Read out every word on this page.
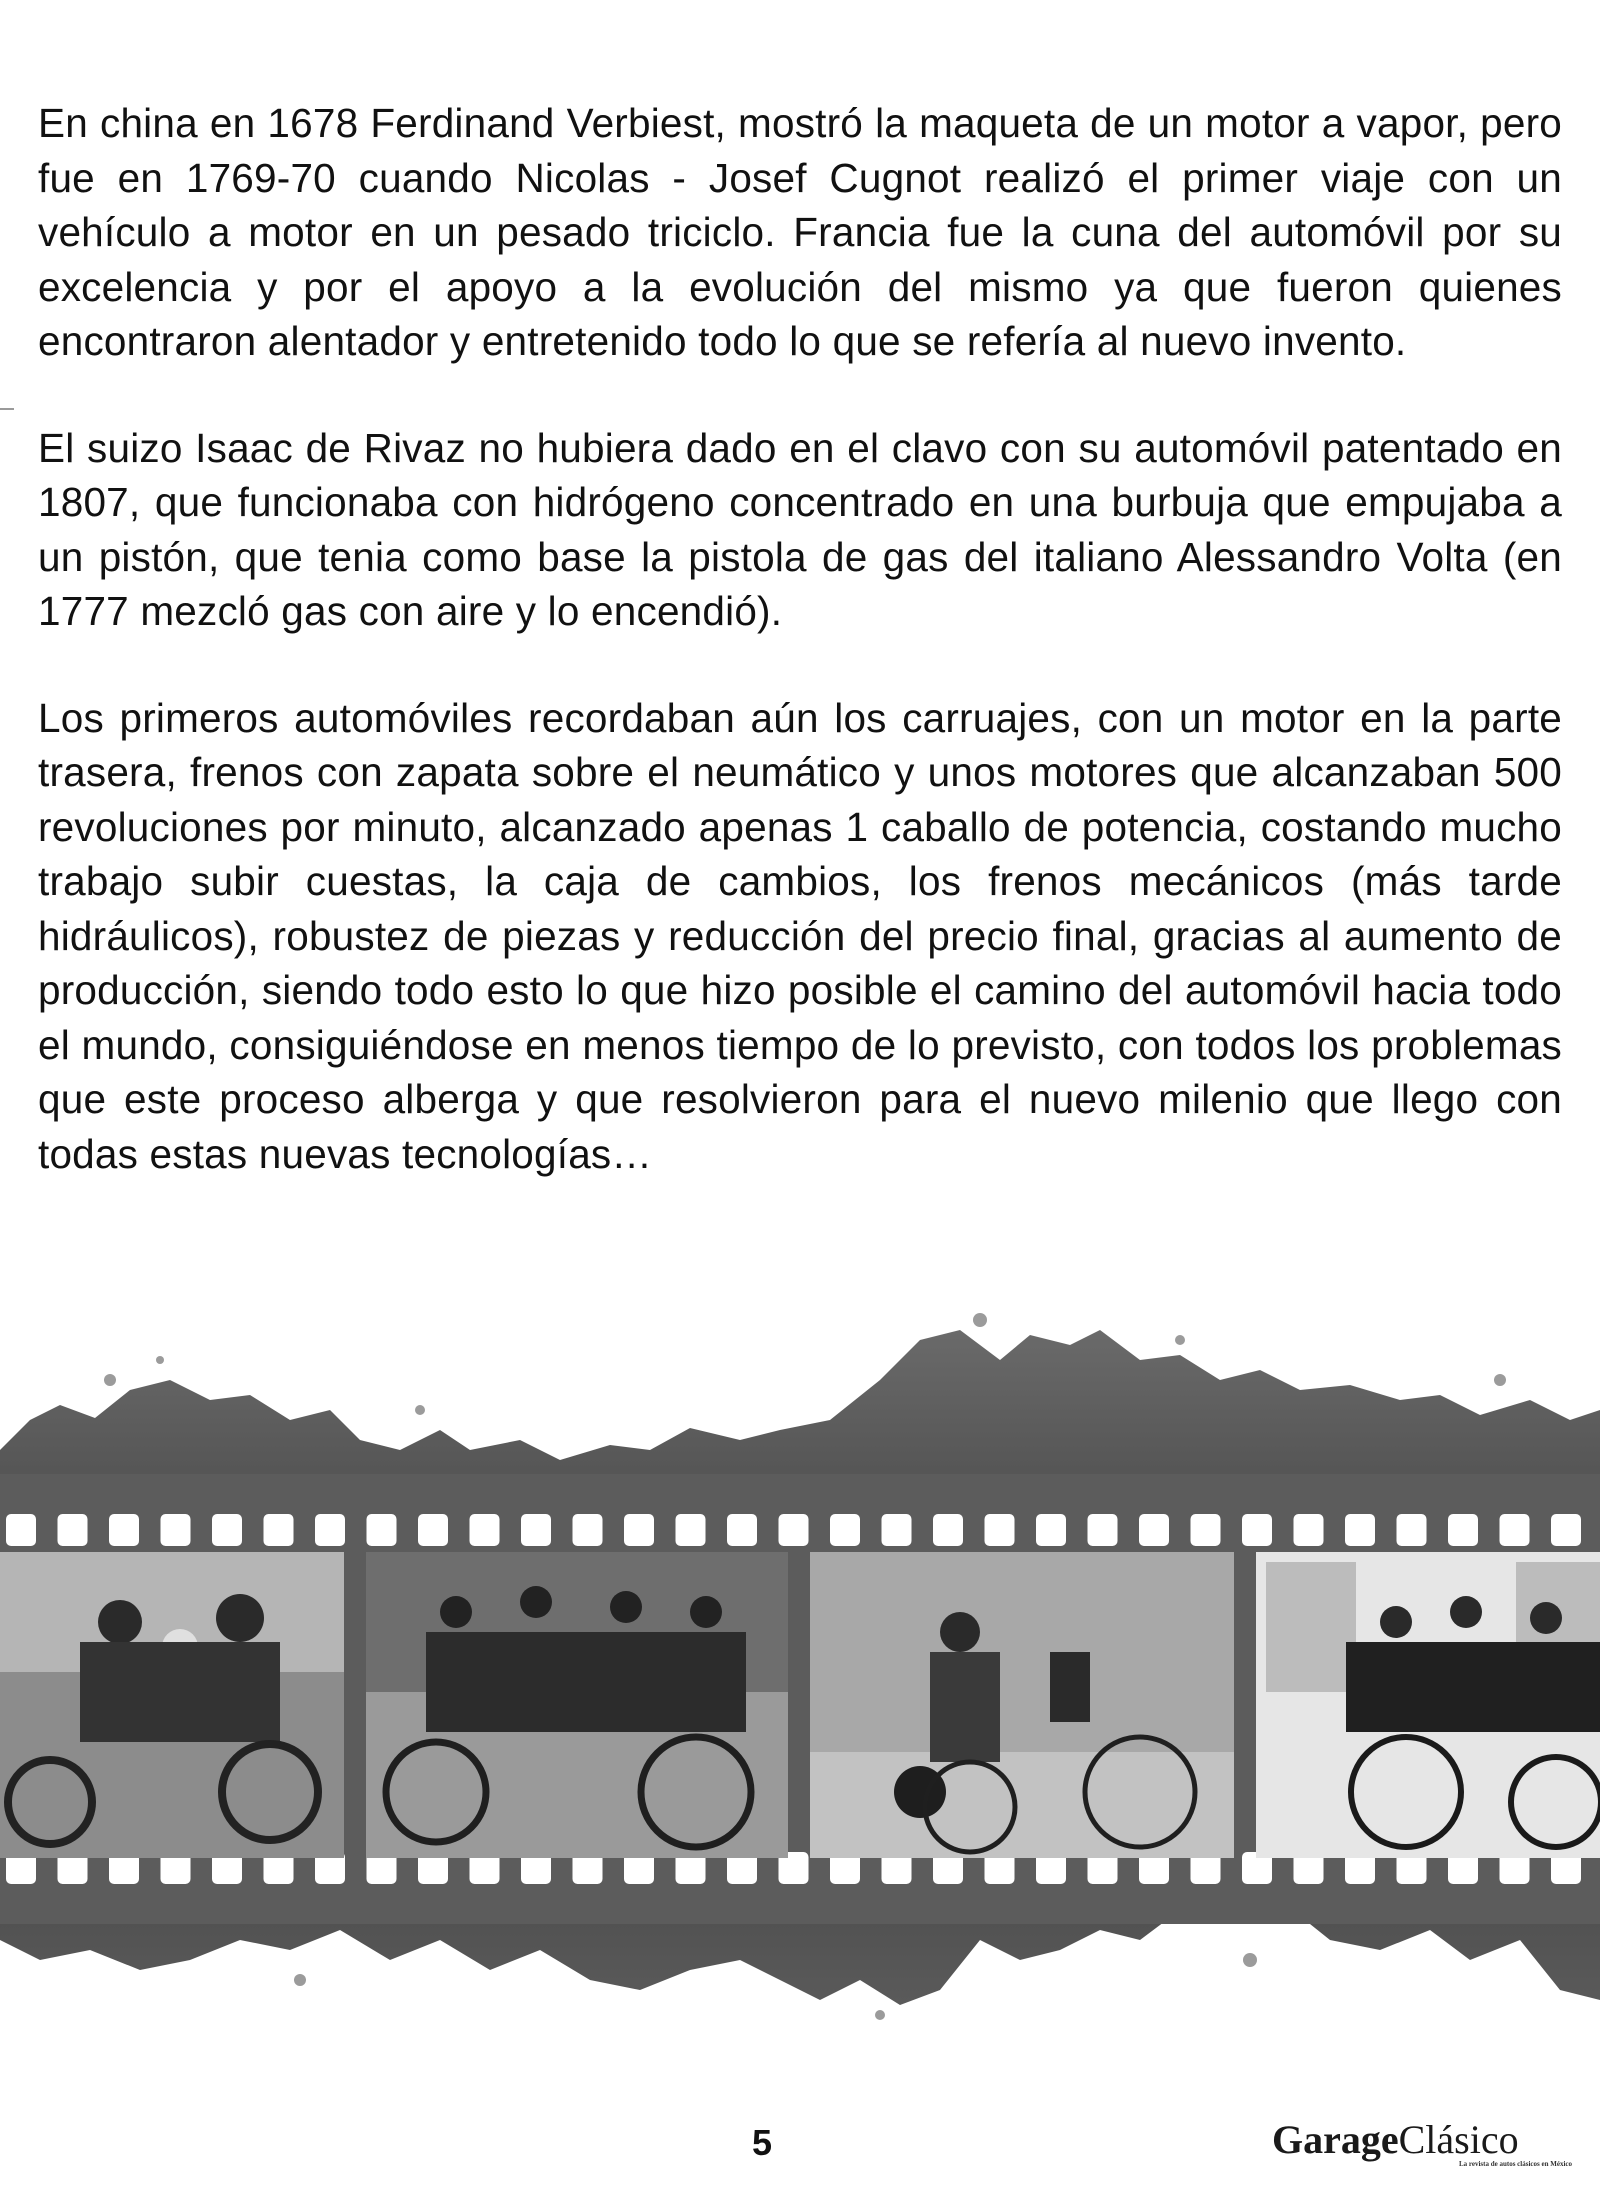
En china en 1678 Ferdinand Verbiest, mostró la maqueta de un motor a vapor, pero fue en 1769-70 cuando Nicolas - Josef Cugnot realizó el primer viaje con un vehículo a motor en un pesado triciclo. Francia fue la cuna del automóvil por su excelencia y por el apoyo a la evolución del mismo ya que fueron quienes encontraron alentador y entretenido todo lo que se refería al nuevo invento.

El suizo Isaac de Rivaz no hubiera dado en el clavo con su automóvil patentado en 1807, que funcionaba con hidrógeno concentrado en una burbuja que empujaba a un pistón, que tenia como base la pistola de gas del italiano Alessandro Volta (en 1777 mezcló gas con aire y lo encendió).

Los primeros automóviles recordaban aún los carruajes, con un motor en la parte trasera, frenos con zapata sobre el neumático y unos motores que alcanzaban 500 revoluciones por minuto, alcanzado apenas 1 caballo de potencia, costando mucho trabajo subir cuestas, la caja de cambios, los frenos mecánicos (más tarde hidráulicos), robustez de piezas y reducción del precio final, gracias al aumento de producción, siendo todo esto lo que hizo posible el camino del automóvil hacia todo el mundo, consiguiéndose en menos tiempo de lo previsto, con todos los problemas que este proceso alberga y que resolvieron para el nuevo milenio que llego con todas estas nuevas tecnologías…

5	GarageClásico
La revista de autos clásicos en México
